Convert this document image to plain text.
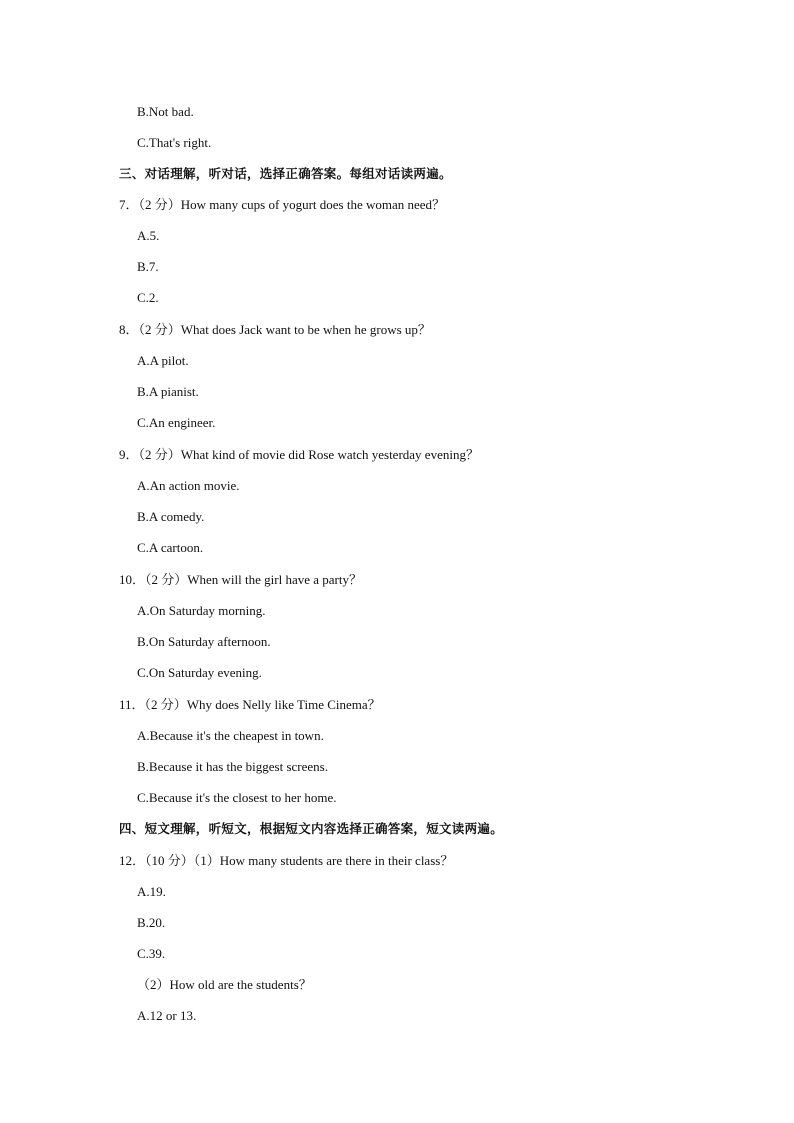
B.Not bad.
C.That's right.
三、对话理解，听对话，选择正确答案。每组对话读两遍。
7．（2 分）How many cups of yogurt does the woman need？
A.5.
B.7.
C.2.
8．（2 分）What does Jack want to be when he grows up？
A.A pilot.
B.A pianist.
C.An engineer.
9．（2 分）What kind of movie did Rose watch yesterday evening？
A.An action movie.
B.A comedy.
C.A cartoon.
10．（2 分）When will the girl have a party？
A.On Saturday morning.
B.On Saturday afternoon.
C.On Saturday evening.
11．（2 分）Why does Nelly like Time Cinema？
A.Because it's the cheapest in town.
B.Because it has the biggest screens.
C.Because it's the closest to her home.
四、短文理解，听短文，根据短文内容选择正确答案，短文读两遍。
12．（10 分）（1）How many students are there in their class？
A.19.
B.20.
C.39.
（2）How old are the students？
A.12 or 13.
